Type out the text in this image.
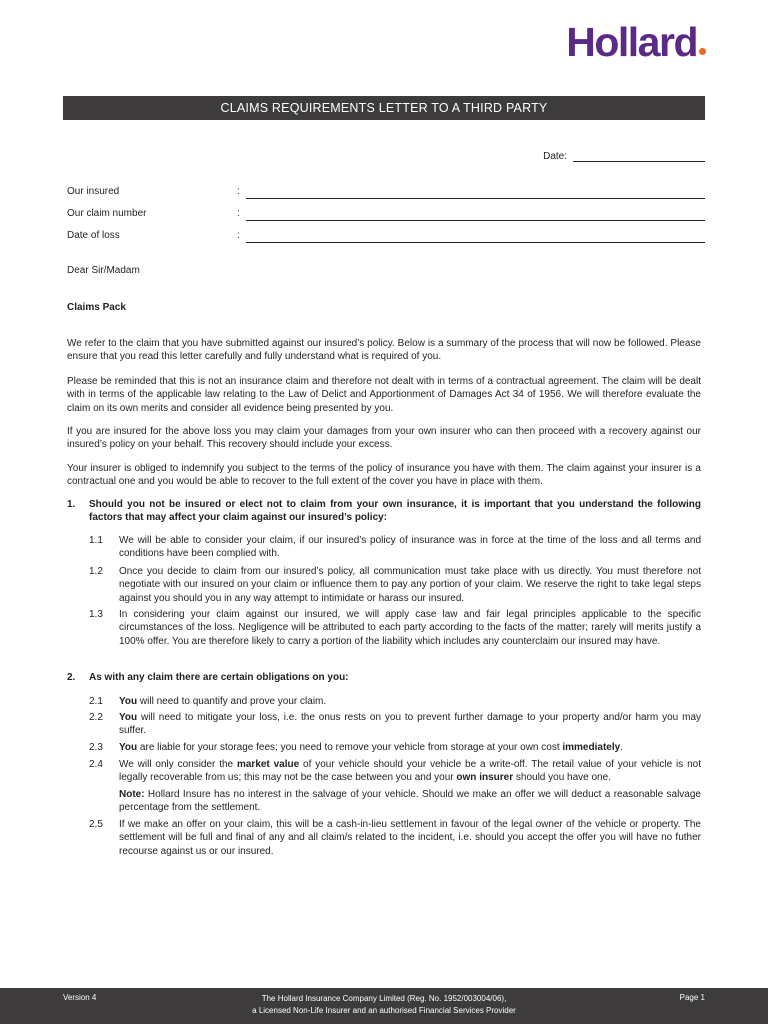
Hollard
CLAIMS REQUIREMENTS LETTER TO A THIRD PARTY
Date:
Our insured	:
Our claim number	:
Date of loss	:

Dear Sir/Madam

Claims Pack

We refer to the claim that you have submitted against our insured’s policy. Below is a summary of the process that will now be followed. Please ensure that you read this letter carefully and fully understand what is required of you.

Please be reminded that this is not an insurance claim and therefore not dealt with in terms of a contractual agreement. The claim will be dealt with in terms of the applicable law relating to the Law of Delict and Apportionment of Damages Act 34 of 1956. We will therefore evaluate the claim on its own merits and consider all evidence being presented by you.

If you are insured for the above loss you may claim your damages from your own insurer who can then proceed with a recovery against our insured’s policy on your behalf. This recovery should include your excess.

Your insurer is obliged to indemnify you subject to the terms of the policy of insurance you have with them. The claim against your insurer is a contractual one and you would be able to recover to the full extent of the cover you have in place with them.

1. Should you not be insured or elect not to claim from your own insurance, it is important that you understand the following factors that may affect your claim against our insured’s policy:
1.1 We will be able to consider your claim, if our insured’s policy of insurance was in force at the time of the loss and all terms and conditions have been complied with.
1.2 Once you decide to claim from our insured’s policy, all communication must take place with us directly. You must therefore not negotiate with our insured on your claim or influence them to pay any portion of your claim. We reserve the right to take legal steps against you should you in any way attempt to intimidate or harass our insured.
1.3 In considering your claim against our insured, we will apply case law and fair legal principles applicable to the specific circumstances of the loss. Negligence will be attributed to each party according to the facts of the matter; rarely will merits justify a 100% offer. You are therefore likely to carry a portion of the liability which includes any counterclaim our insured may have.
2. As with any claim there are certain obligations on you:
2.1 You will need to quantify and prove your claim.
2.2 You will need to mitigate your loss, i.e. the onus rests on you to prevent further damage to your property and/or harm you may suffer.
2.3 You are liable for your storage fees; you need to remove your vehicle from storage at your own cost immediately.
2.4 We will only consider the market value of your vehicle should your vehicle be a write-off. The retail value of your vehicle is not legally recoverable from us; this may not be the case between you and your own insurer should you have one.
Note: Hollard Insure has no interest in the salvage of your vehicle. Should we make an offer we will deduct a reasonable salvage percentage from the settlement.
2.5 If we make an offer on your claim, this will be a cash-in-lieu settlement in favour of the legal owner of the vehicle or property. The settlement will be full and final of any and all claim/s related to the incident, i.e. should you accept the offer you will have no futher recourse against us or our insured.
Version 4	The Hollard Insurance Company Limited (Reg. No. 1952/003004/06),
a Licensed Non-Life Insurer and an authorised Financial Services Provider
Page 1
